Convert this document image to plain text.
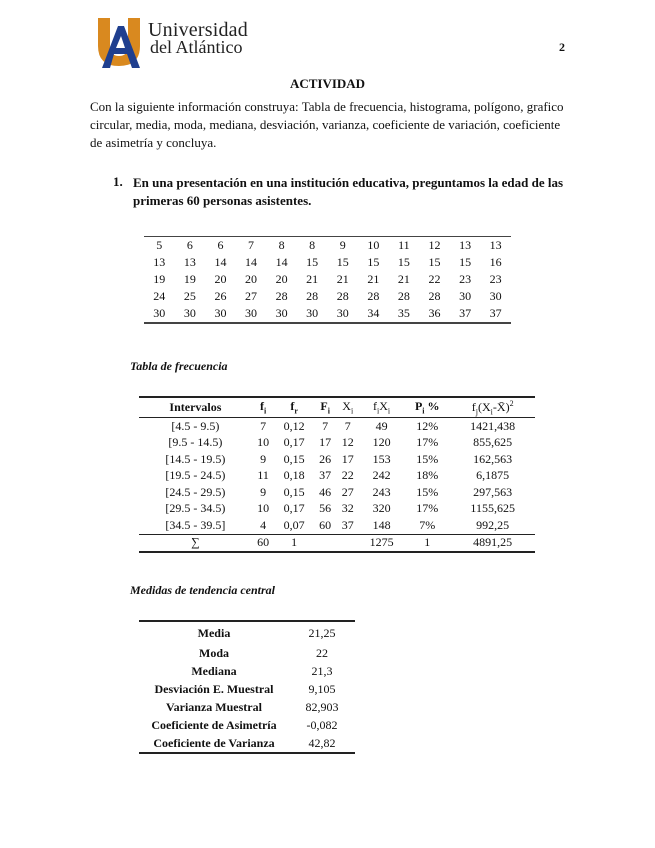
Universidad
del Atlántico	2
ACTIVIDAD
Con la siguiente información construya: Tabla de frecuencia, histograma, polígono, grafico circular, media, moda, mediana, desviación, varianza, coeficiente de variación, coeficiente de asimetría y concluya.
1. En una presentación en una institución educativa, preguntamos la edad de las primeras 60 personas asistentes.
5	6	6	7	8	8	9	10	11	12	13	13
13	13	14	14	14	15	15	15	15	15	15	16
19	19	20	20	20	21	21	21	21	22	23	23
24	25	26	27	28	28	28	28	28	28	30	30
30	30	30	30	30	30	30	34	35	36	37	37
Tabla de frecuencia
Intervalos	$f_i$	$f_r$	$F_i$	$X_i$	$f_iX_i$	$P_i$ %	$f_j(X_i-X̄)^2$
[4.5 - 9.5)	7	0,12	7	7	49	12%	1421,438
[9.5 - 14.5)	10	0,17	17	12	120	17%	855,625
[14.5 - 19.5)	9	0,15	26	17	153	15%	162,563
[19.5 - 24.5)	11	0,18	37	22	242	18%	6,1875
[24.5 - 29.5)	9	0,15	46	27	243	15%	297,563
[29.5 - 34.5)	10	0,17	56	32	320	17%	1155,625
[34.5 - 39.5]	4	0,07	60	37	148	7%	992,25
∑	60	1			1275	1	4891,25
Medidas de tendencia central
Media	21,25
Moda	22
Mediana	21,3
Desviación E. Muestral	9,105
Varianza Muestral	82,903
Coeficiente de Asimetría	-0,082
Coeficiente de Varianza	42,82
